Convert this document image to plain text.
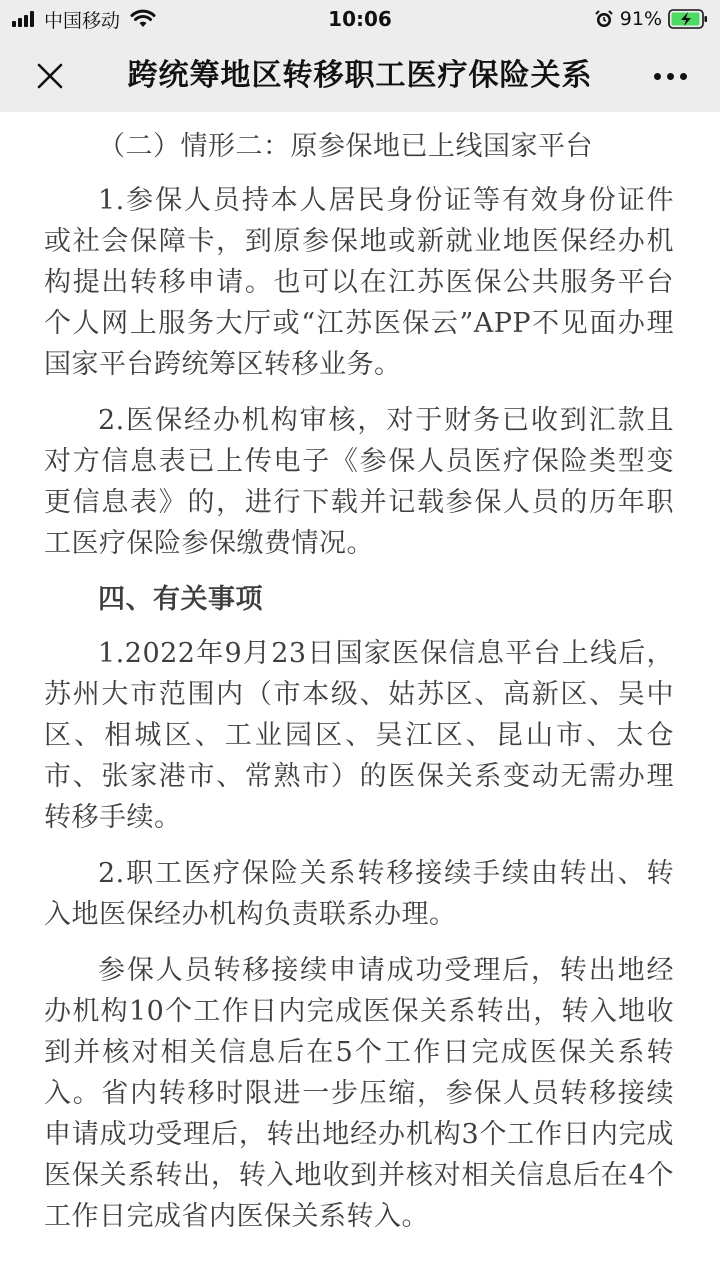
中国移动	10:06	91%
跨统筹地区转移职工医疗保险关系

（二）情形二：原参保地已上线国家平台

1.参保人员持本人居民身份证等有效身份证件或社会保障卡，到原参保地或新就业地医保经办机构提出转移申请。也可以在江苏医保公共服务平台个人网上服务大厅或“江苏医保云”APP不见面办理国家平台跨统筹区转移业务。

2.医保经办机构审核，对于财务已收到汇款且对方信息表已上传电子《参保人员医疗保险类型变更信息表》的，进行下载并记载参保人员的历年职工医疗保险参保缴费情况。

四、有关事项

1.2022年9月23日国家医保信息平台上线后，苏州大市范围内（市本级、姑苏区、高新区、吴中区、相城区、工业园区、吴江区、昆山市、太仓市、张家港市、常熟市）的医保关系变动无需办理转移手续。

2.职工医疗保险关系转移接续手续由转出、转入地医保经办机构负责联系办理。

参保人员转移接续申请成功受理后，转出地经办机构10个工作日内完成医保关系转出，转入地收到并核对相关信息后在5个工作日完成医保关系转入。省内转移时限进一步压缩，参保人员转移接续申请成功受理后，转出地经办机构3个工作日内完成医保关系转出，转入地收到并核对相关信息后在4个工作日完成省内医保关系转入。
